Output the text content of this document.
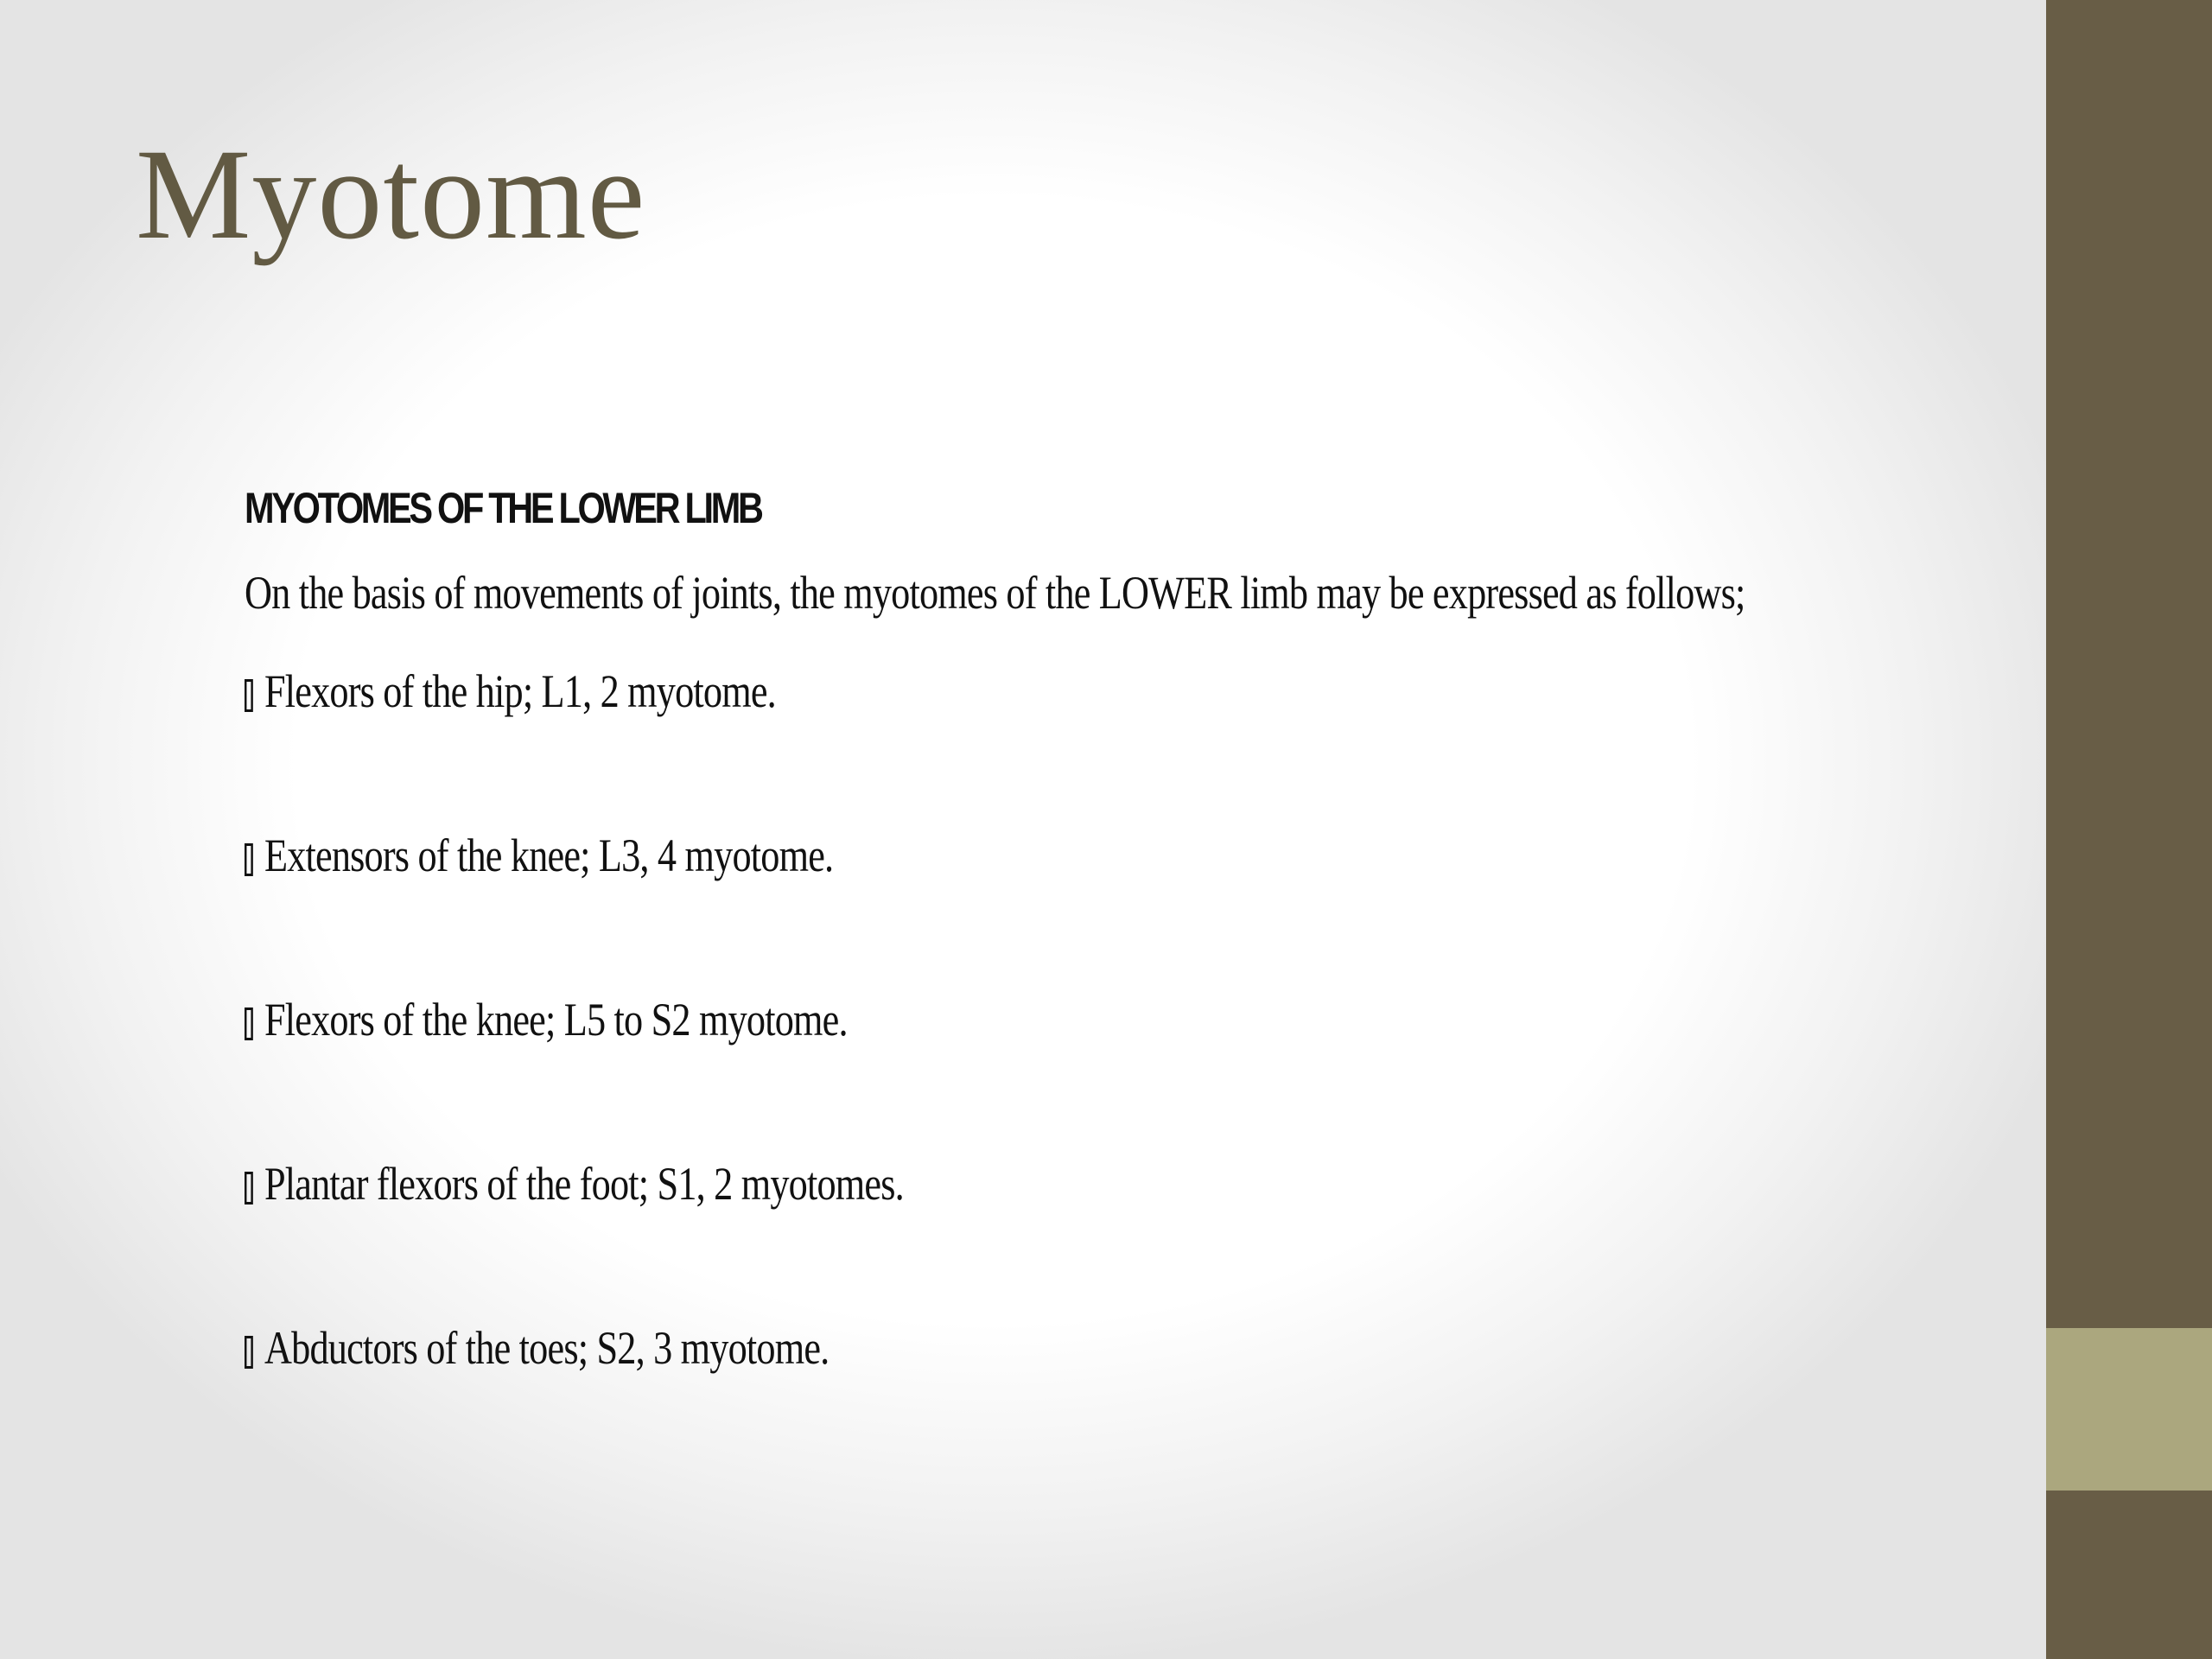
Myotome
MYOTOMES OF THE LOWER LIMB
On the basis of movements of joints, the myotomes of the LOWER limb may be expressed as follows;
Flexors of the hip; L1, 2 myotome.
Extensors of the knee; L3, 4 myotome.
Flexors of the knee; L5 to S2 myotome.
Plantar flexors of the foot; S1, 2 myotomes.
Abductors of the toes; S2, 3 myotome.
